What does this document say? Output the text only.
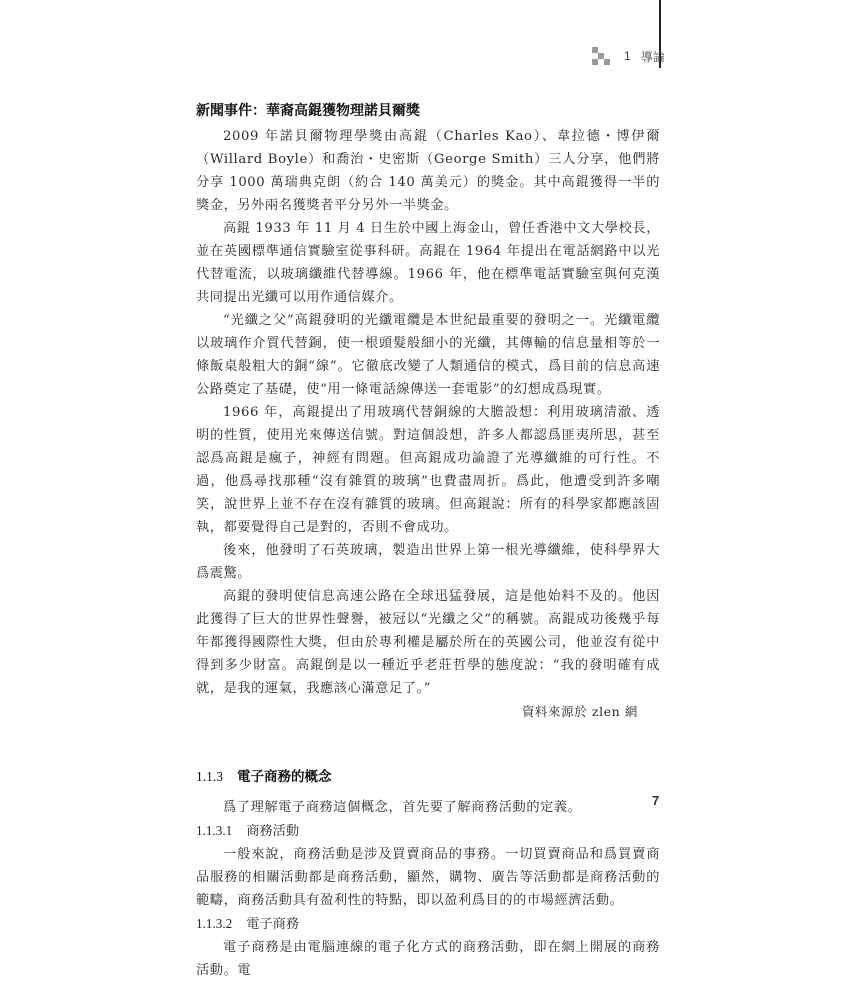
1 導論
新聞事件：華裔高錕獲物理諾貝爾獎

2009 年諾貝爾物理學獎由高錕（Charles Kao）、韋拉德・博伊爾（Willard Boyle）和喬治・史密斯（George Smith）三人分享，他們將分享 1000 萬瑞典克朗（約合 140 萬美元）的獎金。其中高錕獲得一半的獎金，另外兩名獲獎者平分另外一半獎金。

高錕 1933 年 11 月 4 日生於中國上海金山，曾任香港中文大學校長，並在英國標準通信實驗室從事科研。高錕在 1964 年提出在電話網路中以光代替電流，以玻璃纖維代替導線。1966 年，他在標準電話實驗室與何克漢共同提出光纖可以用作通信媒介。

“光纖之父”高錕發明的光纖電纜是本世紀最重要的發明之一。光纖電纜以玻璃作介質代替銅，使一根頭髮般細小的光纖，其傳輸的信息量相等於一條飯桌般粗大的銅“線”。它徹底改變了人類通信的模式，爲目前的信息高速公路奠定了基礎，使“用一條電話線傳送一套電影”的幻想成爲現實。

1966 年，高錕提出了用玻璃代替銅線的大膽設想：利用玻璃清澈、透明的性質，使用光來傳送信號。對這個設想，許多人都認爲匪夷所思，甚至認爲高錕是瘋子，神經有問題。但高錕成功論證了光導纖維的可行性。不過，他爲尋找那種“沒有雜質的玻璃”也費盡周折。爲此，他遭受到許多嘲笑，說世界上並不存在沒有雜質的玻璃。但高錕說：所有的科學家都應該固執，都要覺得自己是對的，否則不會成功。

後來，他發明了石英玻璃，製造出世界上第一根光導纖維，使科學界大爲震驚。

高錕的發明使信息高速公路在全球迅猛發展，這是他始料不及的。他因此獲得了巨大的世界性聲譽，被冠以“光纖之父”的稱號。高錕成功後幾乎每年都獲得國際性大獎，但由於專利權是屬於所在的英國公司，他並沒有從中得到多少財富。高錕倒是以一種近乎老莊哲學的態度說：“我的發明確有成就，是我的運氣，我應該心滿意足了。”

資料來源於 zlen 網

1.1.3 電子商務的概念

爲了理解電子商務這個概念，首先要了解商務活動的定義。

1.1.3.1 商務活動

一般來說，商務活動是涉及買賣商品的事務。一切買賣商品和爲買賣商品服務的相關活動都是商務活動，顯然，購物、廣告等活動都是商務活動的範疇，商務活動具有盈利性的特點，即以盈利爲目的的市場經濟活動。

1.1.3.2 電子商務

電子商務是由電腦連線的電子化方式的商務活動，即在網上開展的商務活動。電

7
